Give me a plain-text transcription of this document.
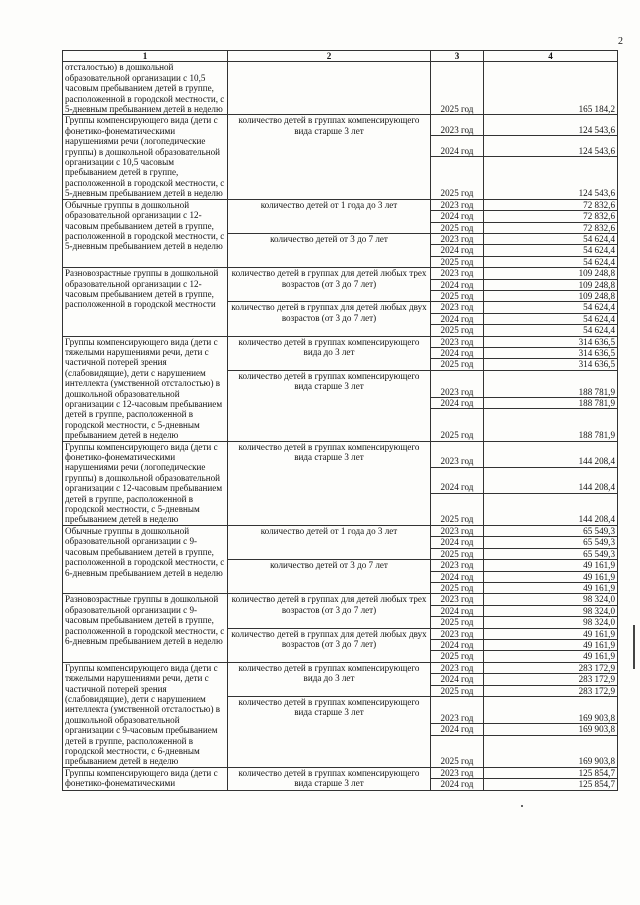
2
1	2	3	4
отсталостью) в дошкольной образовательной организации с 10,5 часовым пребыванием детей в группе, расположенной в городской местности, с 5-дневным пребыванием детей в неделю		2025 год	165 184,2
Группы компенсирующего вида (дети с фонетико-фонематическими нарушениями речи (логопедические группы) в дошкольной образовательной организации с 10,5 часовым пребыванием детей в группе, расположенной в городской местности, с 5-дневным пребыванием детей в неделю	количество детей в группах компенсирующего вида старше 3 лет	2023 год	124 543,6
		2024 год	124 543,6
		2025 год	124 543,6
Обычные группы в дошкольной образовательной организации с 12-часовым пребыванием детей в группе, расположенной в городской местности, с 5-дневным пребыванием детей в неделю	количество детей от 1 года до 3 лет	2023 год	72 832,6
		2024 год	72 832,6
		2025 год	72 832,6
	количество детей от 3 до 7 лет	2023 год	54 624,4
		2024 год	54 624,4
		2025 год	54 624,4
Разновозрастные группы в дошкольной образовательной организации с 12-часовым пребыванием детей в группе, расположенной в городской местности	количество детей в группах для детей любых трех возрастов (от 3 до 7 лет)	2023 год	109 248,8
		2024 год	109 248,8
		2025 год	109 248,8
	количество детей в группах для детей любых двух возрастов (от 3 до 7 лет)	2023 год	54 624,4
		2024 год	54 624,4
		2025 год	54 624,4
Группы компенсирующего вида (дети с тяжелыми нарушениями речи, дети с частичной потерей зрения (слабовидящие), дети с нарушением интеллекта (умственной отсталостью) в дошкольной образовательной организации с 12-часовым пребыванием детей в группе, расположенной в городской местности, с 5-дневным пребыванием детей в неделю	количество детей в группах компенсирующего вида до 3 лет	2023 год	314 636,5
		2024 год	314 636,5
		2025 год	314 636,5
	количество детей в группах компенсирующего вида старше 3 лет	2023 год	188 781,9
		2024 год	188 781,9
		2025 год	188 781,9
Группы компенсирующего вида (дети с фонетико-фонематическими нарушениями речи (логопедические группы) в дошкольной образовательной организации с 12-часовым пребыванием детей в группе, расположенной в городской местности, с 5-дневным пребыванием детей в неделю	количество детей в группах компенсирующего вида старше 3 лет	2023 год	144 208,4
		2024 год	144 208,4
		2025 год	144 208,4
Обычные группы в дошкольной образовательной организации с 9-часовым пребыванием детей в группе, расположенной в городской местности, с 6-дневным пребыванием детей в неделю	количество детей от 1 года до 3 лет	2023 год	65 549,3
		2024 год	65 549,3
		2025 год	65 549,3
	количество детей от 3 до 7 лет	2023 год	49 161,9
		2024 год	49 161,9
		2025 год	49 161,9
Разновозрастные группы в дошкольной образовательной организации с 9-часовым пребыванием детей в группе, расположенной в городской местности, с 6-дневным пребыванием детей в неделю	количество детей в группах для детей любых трех возрастов (от 3 до 7 лет)	2023 год	98 324,0
		2024 год	98 324,0
		2025 год	98 324,0
	количество детей в группах для детей любых двух возрастов (от 3 до 7 лет)	2023 год	49 161,9
		2024 год	49 161,9
		2025 год	49 161,9
Группы компенсирующего вида (дети с тяжелыми нарушениями речи, дети с частичной потерей зрения (слабовидящие), дети с нарушением интеллекта (умственной отсталостью) в дошкольной образовательной организации с 9-часовым пребыванием детей в группе, расположенной в городской местности, с 6-дневным пребыванием детей в неделю	количество детей в группах компенсирующего вида до 3 лет	2023 год	283 172,9
		2024 год	283 172,9
		2025 год	283 172,9
	количество детей в группах компенсирующего вида старше 3 лет	2023 год	169 903,8
		2024 год	169 903,8
		2025 год	169 903,8
Группы компенсирующего вида (дети с фонетико-фонематическими	количество детей в группах компенсирующего вида старше 3 лет	2023 год	125 854,7
		2024 год	125 854,7
